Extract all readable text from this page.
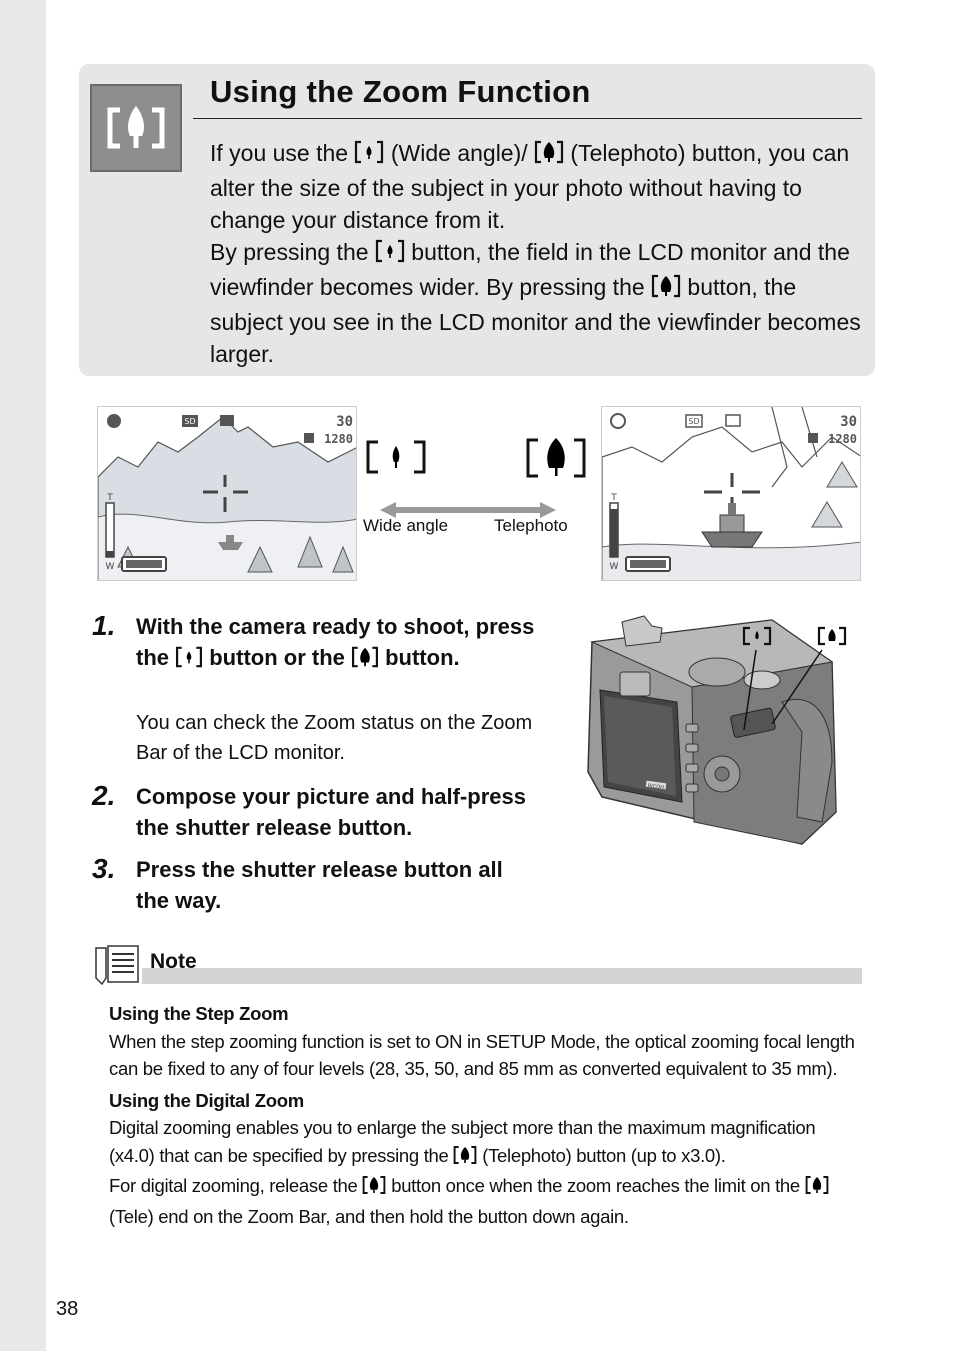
Using the Zoom Function

If you use the  (Wide angle)/  (Telephoto) button, you can alter the size of the subject in your photo without having to change your distance from it.

By pressing the  button, the field in the LCD monitor and the viewfinder becomes wider. By pressing the  button, the subject you see in the LCD monitor and the viewfinder becomes larger.

SD	30
1280
T
W
Wide angle	Telephoto
SD	30
1280
T
W
1. With the camera ready to shoot, press the  button or the  button.
You can check the Zoom status on the Zoom Bar of the LCD monitor.
2. Compose your picture and half-press the shutter release button.
3. Press the shutter release button all the way.
RICOH
Note

Using the Step Zoom

When the step zooming function is set to ON in SETUP Mode, the optical zooming focal length can be fixed to any of four levels (28, 35, 50, and 85 mm as converted equivalent to 35 mm).

Using the Digital Zoom

Digital zooming enables you to enlarge the subject more than the maximum magnification (x4.0) that can be specified by pressing the  (Telephoto) button (up to x3.0).

For digital zooming, release the  button once when the zoom reaches the limit on the  (Tele) end on the Zoom Bar, and then hold the button down again.

38
